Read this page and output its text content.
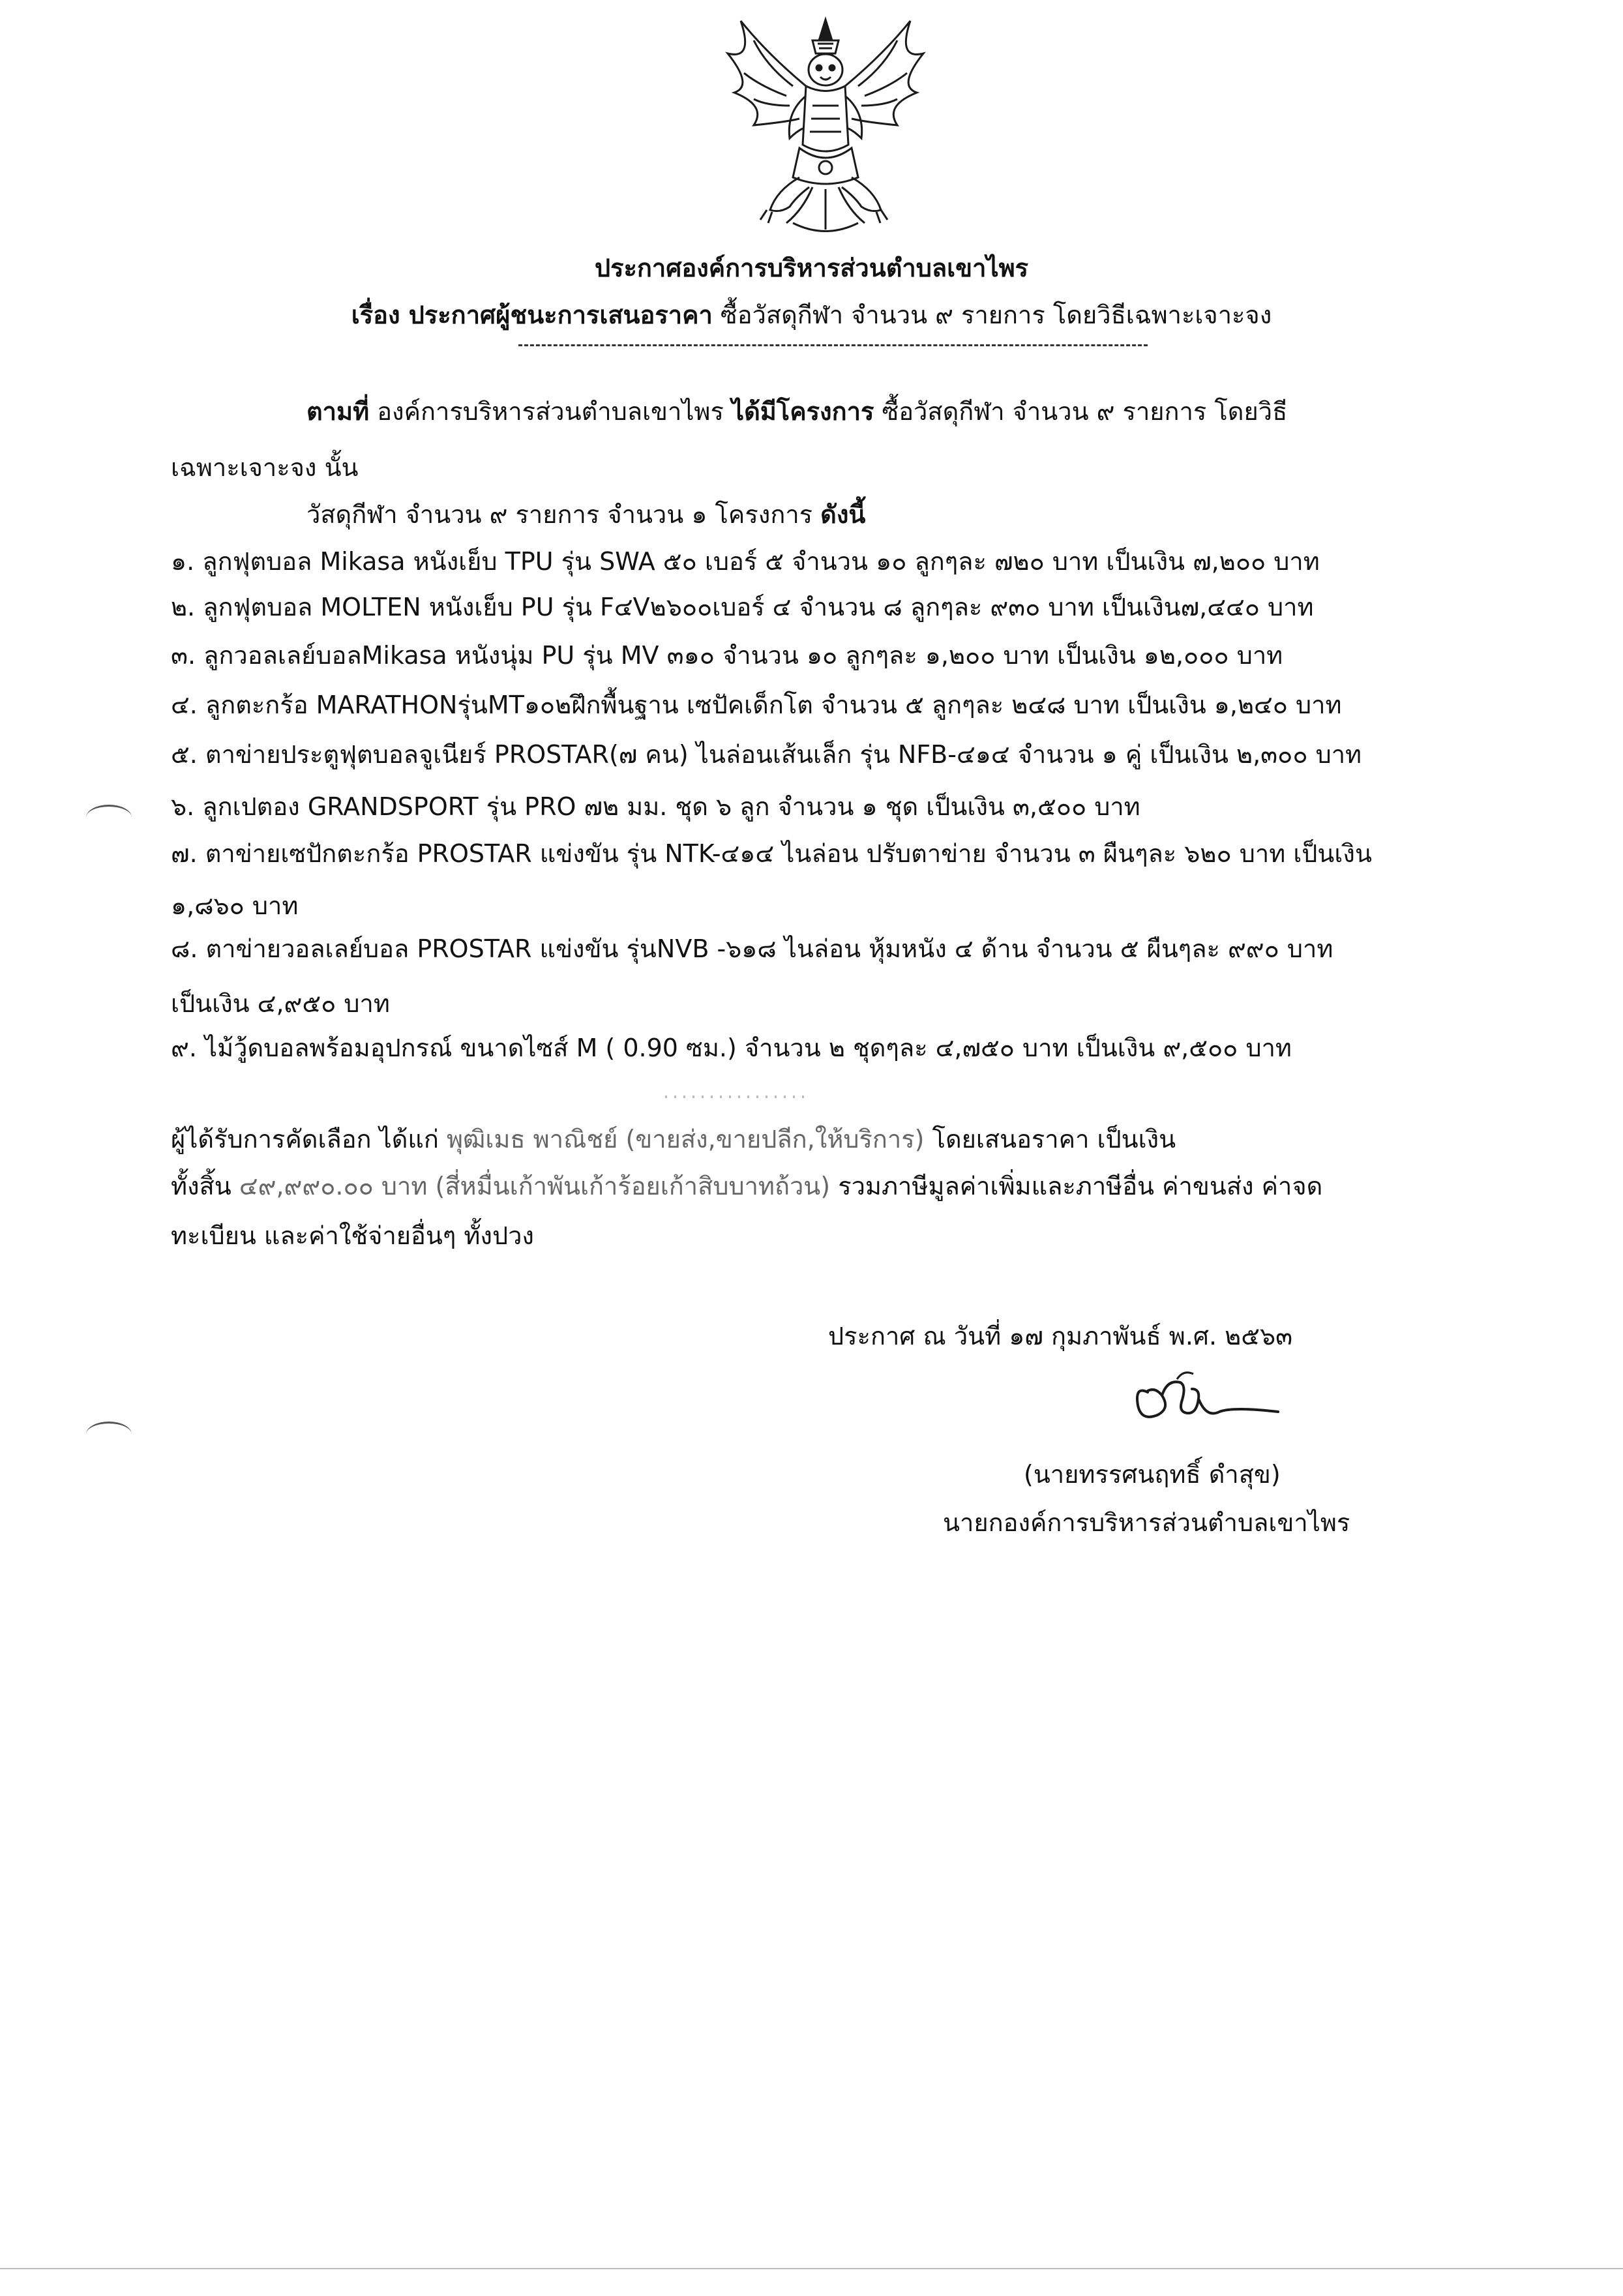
ประกาศองค์การบริหารส่วนตำบลเขาไพร
เรื่อง ประกาศผู้ชนะการเสนอราคา ซื้อวัสดุกีฬา จำนวน ๙ รายการ โดยวิธีเฉพาะเจาะจง
ตามที่ องค์การบริหารส่วนตำบลเขาไพร ได้มีโครงการ ซื้อวัสดุกีฬา จำนวน ๙ รายการ โดยวิธี
เฉพาะเจาะจง นั้น
วัสดุกีฬา จำนวน ๙ รายการ จำนวน ๑ โครงการ ดังนี้
๑. ลูกฟุตบอล Mikasa หนังเย็บ TPU รุ่น SWA ๕๐ เบอร์ ๕ จำนวน ๑๐ ลูกๆละ ๗๒๐ บาท เป็นเงิน ๗,๒๐๐ บาท
๒. ลูกฟุตบอล MOLTEN หนังเย็บ PU รุ่น F๔V๒๖๐๐เบอร์ ๔ จำนวน ๘ ลูกๆละ ๙๓๐ บาท เป็นเงิน๗,๔๔๐ บาท
๓. ลูกวอลเลย์บอลMikasa หนังนุ่ม PU รุ่น MV ๓๑๐ จำนวน ๑๐ ลูกๆละ ๑,๒๐๐ บาท เป็นเงิน ๑๒,๐๐๐ บาท
๔. ลูกตะกร้อ MARATHONรุ่นMT๑๐๒ฝึกพื้นฐาน เซปัคเด็กโต จำนวน ๕ ลูกๆละ ๒๔๘ บาท เป็นเงิน ๑,๒๔๐ บาท
๕. ตาข่ายประตูฟุตบอลจูเนียร์ PROSTAR(๗ คน) ไนล่อนเส้นเล็ก รุ่น NFB-๔๑๔ จำนวน ๑ คู่ เป็นเงิน ๒,๓๐๐ บาท
๖. ลูกเปตอง GRANDSPORT รุ่น PRO ๗๒ มม. ชุด ๖ ลูก จำนวน ๑ ชุด เป็นเงิน ๓,๕๐๐ บาท
๗. ตาข่ายเซปักตะกร้อ PROSTAR แข่งขัน รุ่น NTK-๔๑๔ ไนล่อน ปรับตาข่าย จำนวน ๓ ผืนๆละ ๖๒๐ บาท เป็นเงิน
๑,๘๖๐ บาท
๘. ตาข่ายวอลเลย์บอล PROSTAR แข่งขัน รุ่นNVB -๖๑๘ ไนล่อน หุ้มหนัง ๔ ด้าน จำนวน ๕ ผืนๆละ ๙๙๐ บาท
เป็นเงิน ๔,๙๕๐ บาท
๙. ไม้วู้ดบอลพร้อมอุปกรณ์ ขนาดไซส์ M ( 0.90 ซม.) จำนวน ๒ ชุดๆละ ๔,๗๕๐ บาท เป็นเงิน ๙,๕๐๐ บาท
ผู้ได้รับการคัดเลือก ได้แก่ พุฒิเมธ พาณิชย์ (ขายส่ง,ขายปลีก,ให้บริการ) โดยเสนอราคา เป็นเงิน
ทั้งสิ้น ๔๙,๙๙๐.๐๐ บาท (สี่หมื่นเก้าพันเก้าร้อยเก้าสิบบาทถ้วน) รวมภาษีมูลค่าเพิ่มและภาษีอื่น ค่าขนส่ง ค่าจด
ทะเบียน และค่าใช้จ่ายอื่นๆ ทั้งปวง
ประกาศ ณ วันที่ ๑๗ กุมภาพันธ์ พ.ศ. ๒๕๖๓
(นายทรรศนฤทธิ์ ดำสุข)
นายกองค์การบริหารส่วนตำบลเขาไพร
